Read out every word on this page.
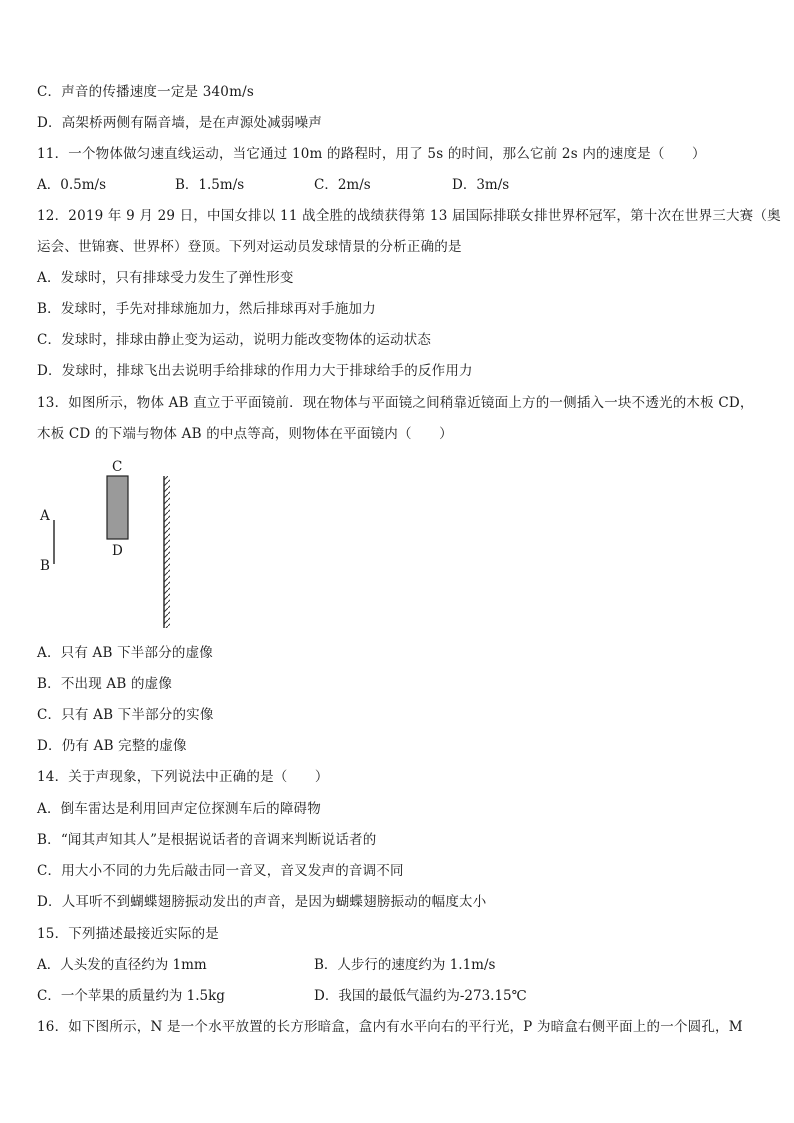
C．声音的传播速度一定是 340m/s
D．高架桥两侧有隔音墙，是在声源处减弱噪声
11．一个物体做匀速直线运动，当它通过 10m 的路程时，用了 5s 的时间，那么它前 2s 内的速度是（　　）
A．0.5m/s	B．1.5m/s	C．2m/s	D．3m/s
12．2019 年 9 月 29 日，中国女排以 11 战全胜的战绩获得第 13 届国际排联女排世界杯冠军，第十次在世界三大赛（奥
运会、世锦赛、世界杯）登顶。下列对运动员发球情景的分析正确的是
A．发球时，只有排球受力发生了弹性形变
B．发球时，手先对排球施加力，然后排球再对手施加力
C．发球时，排球由静止变为运动，说明力能改变物体的运动状态
D．发球时，排球飞出去说明手给排球的作用力大于排球给手的反作用力
13．如图所示，物体 AB 直立于平面镜前．现在物体与平面镜之间稍靠近镜面上方的一侧插入一块不透光的木板 CD，
木板 CD 的下端与物体 AB 的中点等高，则物体在平面镜内（　　）
A
B
C
D
A．只有 AB 下半部分的虚像
B．不出现 AB 的虚像
C．只有 AB 下半部分的实像
D．仍有 AB 完整的虚像
14．关于声现象，下列说法中正确的是（　　）
A．倒车雷达是利用回声定位探测车后的障碍物
B．“闻其声知其人”是根据说话者的音调来判断说话者的
C．用大小不同的力先后敲击同一音叉，音叉发声的音调不同
D．人耳听不到蝴蝶翅膀振动发出的声音，是因为蝴蝶翅膀振动的幅度太小
15．下列描述最接近实际的是
A．人头发的直径约为 1mm	B．人步行的速度约为 1.1m/s
C．一个苹果的质量约为 1.5kg	D．我国的最低气温约为-273.15℃
16．如下图所示，N 是一个水平放置的长方形暗盒，盒内有水平向右的平行光，P 为暗盒右侧平面上的一个圆孔，M
